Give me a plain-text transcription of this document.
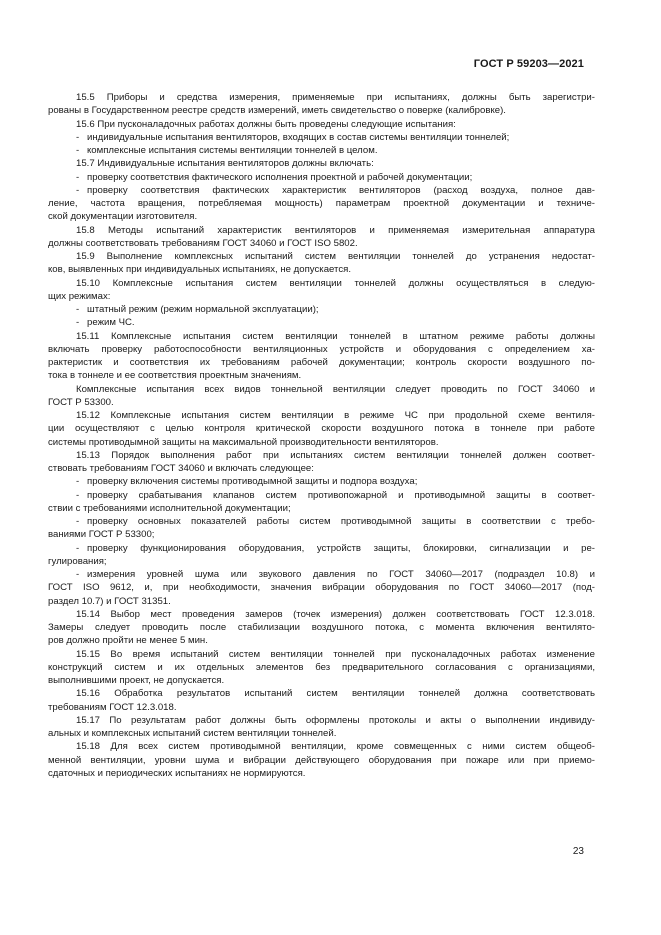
ГОСТ Р 59203—2021
15.5 Приборы и средства измерения, применяемые при испытаниях, должны быть зарегистри-
рованы в Государственном реестре средств измерений, иметь свидетельство о поверке (калибровке).
15.6 При пусконаладочных работах должны быть проведены следующие испытания:
- индивидуальные испытания вентиляторов, входящих в состав системы вентиляции тоннелей;
- комплексные испытания системы вентиляции тоннелей в целом.
15.7 Индивидуальные испытания вентиляторов должны включать:
- проверку соответствия фактического исполнения проектной и рабочей документации;
- проверку соответствия фактических характеристик вентиляторов (расход воздуха, полное дав-
ление, частота вращения, потребляемая мощность) параметрам проектной документации и техниче-
ской документации изготовителя.
15.8 Методы испытаний характеристик вентиляторов и применяемая измерительная аппаратура
должны соответствовать требованиям ГОСТ 34060 и ГОСТ ISO 5802.
15.9 Выполнение комплексных испытаний систем вентиляции тоннелей до устранения недостат-
ков, выявленных при индивидуальных испытаниях, не допускается.
15.10 Комплексные испытания систем вентиляции тоннелей должны осуществляться в следую-
щих режимах:
- штатный режим (режим нормальной эксплуатации);
- режим ЧС.
15.11 Комплексные испытания систем вентиляции тоннелей в штатном режиме работы должны
включать проверку работоспособности вентиляционных устройств и оборудования с определением ха-
рактеристик и соответствия их требованиям рабочей документации; контроль скорости воздушного по-
тока в тоннеле и ее соответствия проектным значениям.
Комплексные испытания всех видов тоннельной вентиляции следует проводить по ГОСТ 34060 и
ГОСТ Р 53300.
15.12 Комплексные испытания систем вентиляции в режиме ЧС при продольной схеме вентиля-
ции осуществляют с целью контроля критической скорости воздушного потока в тоннеле при работе
системы противодымной защиты на максимальной производительности вентиляторов.
15.13 Порядок выполнения работ при испытаниях систем вентиляции тоннелей должен соответ-
ствовать требованиям ГОСТ 34060 и включать следующее:
- проверку включения системы противодымной защиты и подпора воздуха;
- проверку срабатывания клапанов систем противопожарной и противодымной защиты в соответ-
ствии с требованиями исполнительной документации;
- проверку основных показателей работы систем противодымной защиты в соответствии с требо-
ваниями ГОСТ Р 53300;
- проверку функционирования оборудования, устройств защиты, блокировки, сигнализации и ре-
гулирования;
- измерения уровней шума или звукового давления по ГОСТ 34060—2017 (подраздел 10.8) и
ГОСТ ISO 9612, и, при необходимости, значения вибрации оборудования по ГОСТ 34060—2017 (под-
раздел 10.7) и ГОСТ 31351.
15.14 Выбор мест проведения замеров (точек измерения) должен соответствовать ГОСТ 12.3.018.
Замеры следует проводить после стабилизации воздушного потока, с момента включения вентилято-
ров должно пройти не менее 5 мин.
15.15 Во время испытаний систем вентиляции тоннелей при пусконаладочных работах изменение
конструкций систем и их отдельных элементов без предварительного согласования с организациями,
выполнившими проект, не допускается.
15.16 Обработка результатов испытаний систем вентиляции тоннелей должна соответствовать
требованиям ГОСТ 12.3.018.
15.17 По результатам работ должны быть оформлены протоколы и акты о выполнении индивиду-
альных и комплексных испытаний систем вентиляции тоннелей.
15.18 Для всех систем противодымной вентиляции, кроме совмещенных с ними систем общеоб-
менной вентиляции, уровни шума и вибрации действующего оборудования при пожаре или при приемо-
сдаточных и периодических испытаниях не нормируются.
23
